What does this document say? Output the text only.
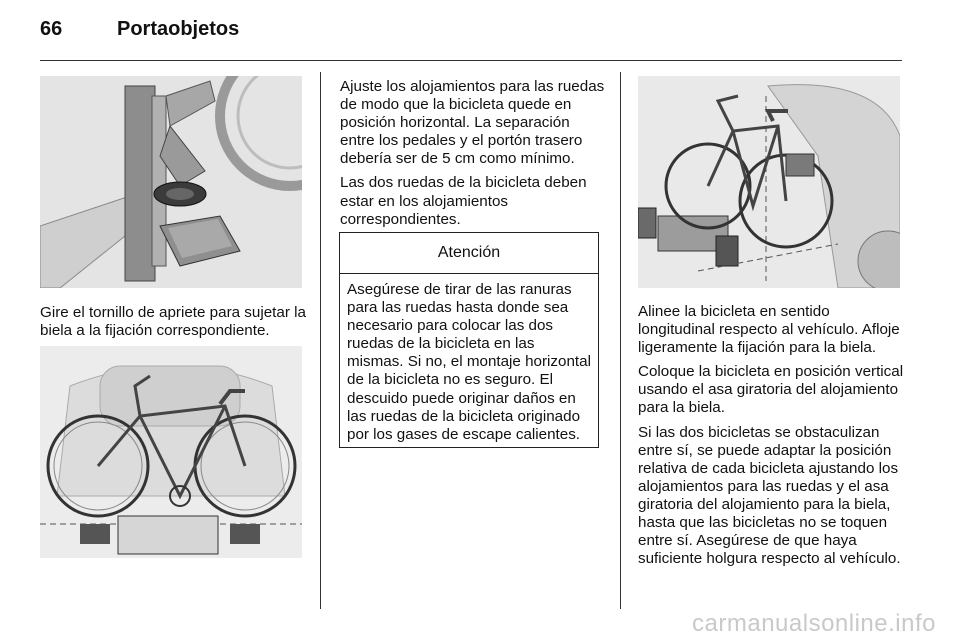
66	Portaobjetos

Gire el tornillo de apriete para sujetar la biela a la fijación correspondiente.

Ajuste los alojamientos para las ruedas de modo que la bicicleta quede en posición horizontal. La separación entre los pedales y el portón trasero debería ser de 5 cm como mínimo.

Las dos ruedas de la bicicleta deben estar en los alojamientos correspondientes.

Atención
Asegúrese de tirar de las ranuras para las ruedas hasta donde sea necesario para colocar las dos ruedas de la bicicleta en las mismas. Si no, el montaje horizontal de la bicicleta no es seguro. El descuido puede originar daños en las ruedas de la bicicleta originado por los gases de escape calientes.

Alinee la bicicleta en sentido longitudinal respecto al vehículo. Afloje ligeramente la fijación para la biela.

Coloque la bicicleta en posición vertical usando el asa giratoria del alojamiento para la biela.

Si las dos bicicletas se obstaculizan entre sí, se puede adaptar la posición relativa de cada bicicleta ajustando los alojamientos para las ruedas y el asa giratoria del alojamiento para la biela, hasta que las bicicletas no se toquen entre sí. Asegúrese de que haya suficiente holgura respecto al vehículo.

carmanualsonline.info
